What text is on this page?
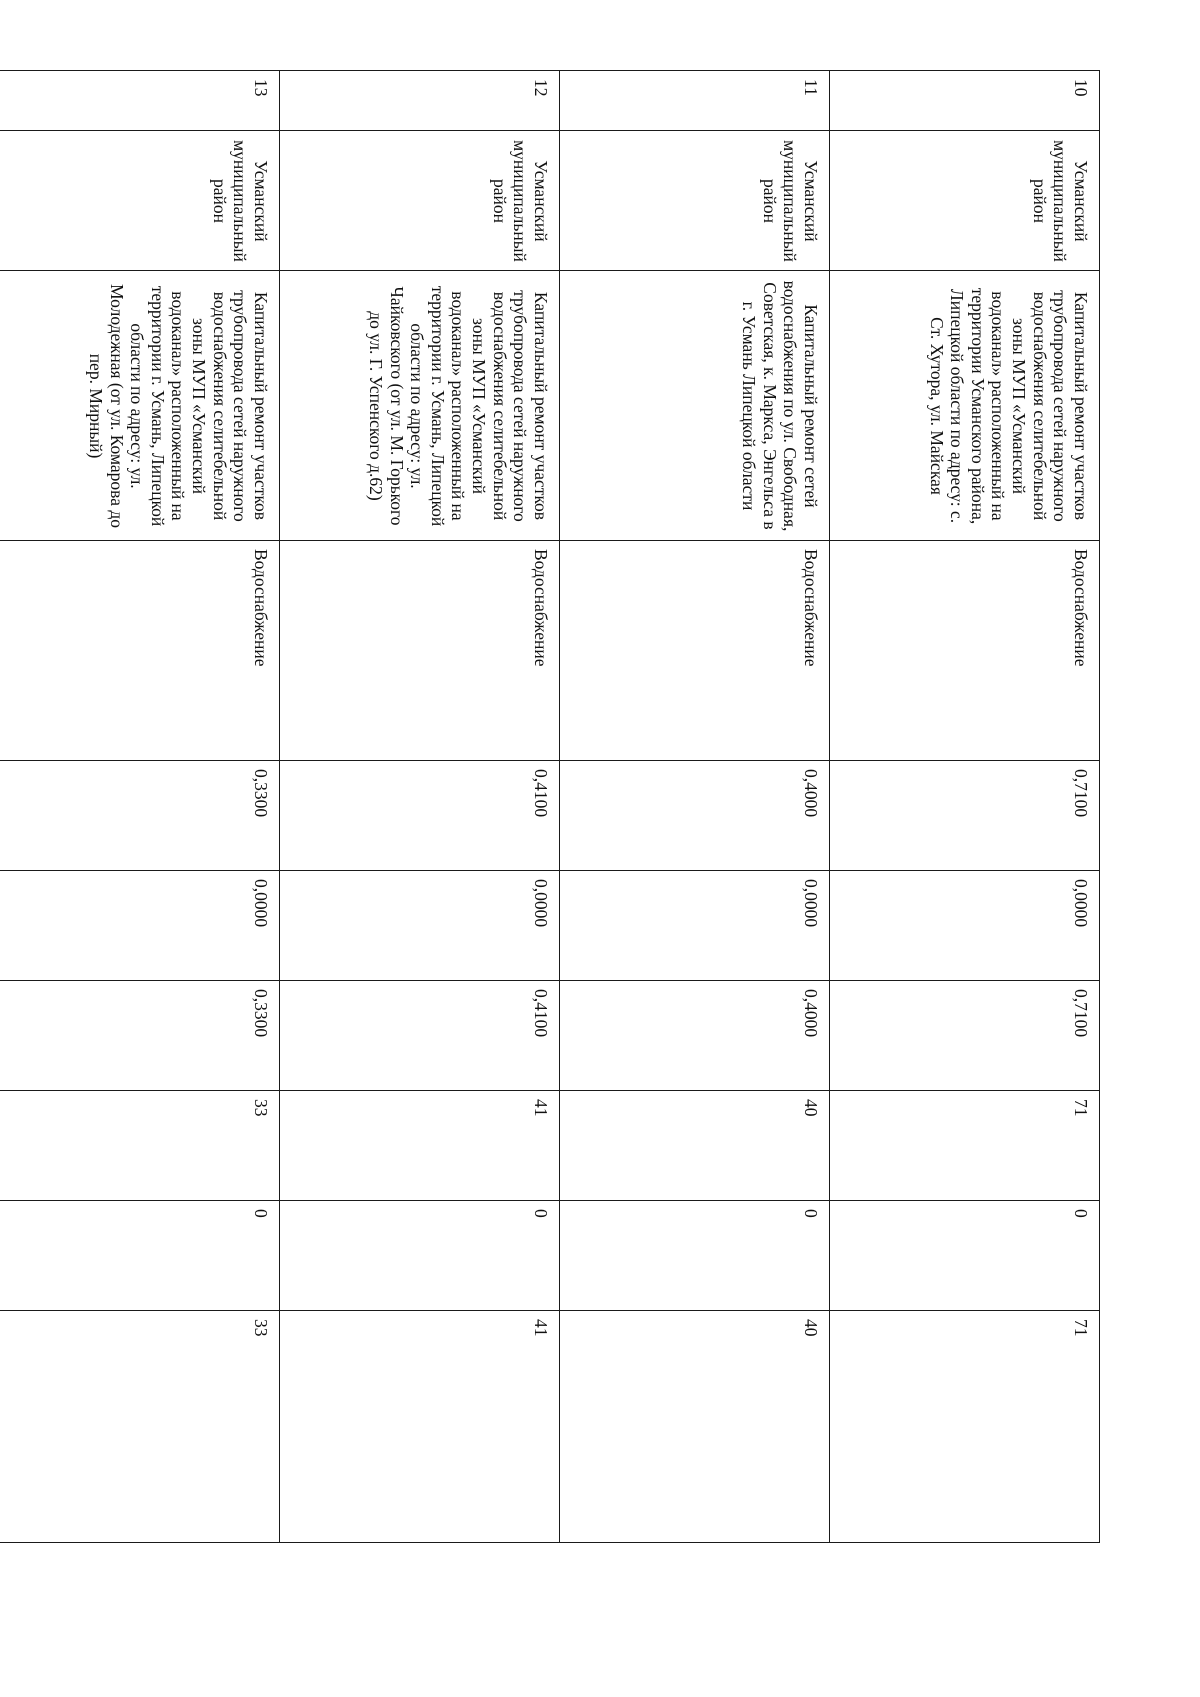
10	Усманский муниципальный район	Капитальный ремонт участков трубопровода сетей наружного водоснабжения селитебельной зоны МУП «Усманский водоканал» расположенный на территории Усманского района, Липецкой области по адресу: с. Ст. Хутора, ул. Майская	Водоснабжение	0,7100	0,0000	0,7100	71	0	71
11	Усманский муниципальный район	Капитальный ремонт сетей водоснабжения по ул. Свободная, Советская, к. Маркса, Энгельса в г. Усмань Липецкой области	Водоснабжение	0,4000	0,0000	0,4000	40	0	40
12	Усманский муниципальный район	Капитальный ремонт участков трубопровода сетей наружного водоснабжения селитебельной зоны МУП «Усманский водоканал» расположенный на территории г. Усмань, Липецкой области по адресу: ул. Чайковского (от ул. М. Горького до ул. Г. Успенского д.62)	Водоснабжение	0,4100	0,0000	0,4100	41	0	41
13	Усманский муниципальный район	Капитальный ремонт участков трубопровода сетей наружного водоснабжения селитебельной зоны МУП «Усманский водоканал» расположенный на территории г. Усмань, Липецкой области по адресу: ул. Молодежная (от ул. Комарова до пер. Мирный)	Водоснабжение	0,3300	0,0000	0,3300	33	0	33
